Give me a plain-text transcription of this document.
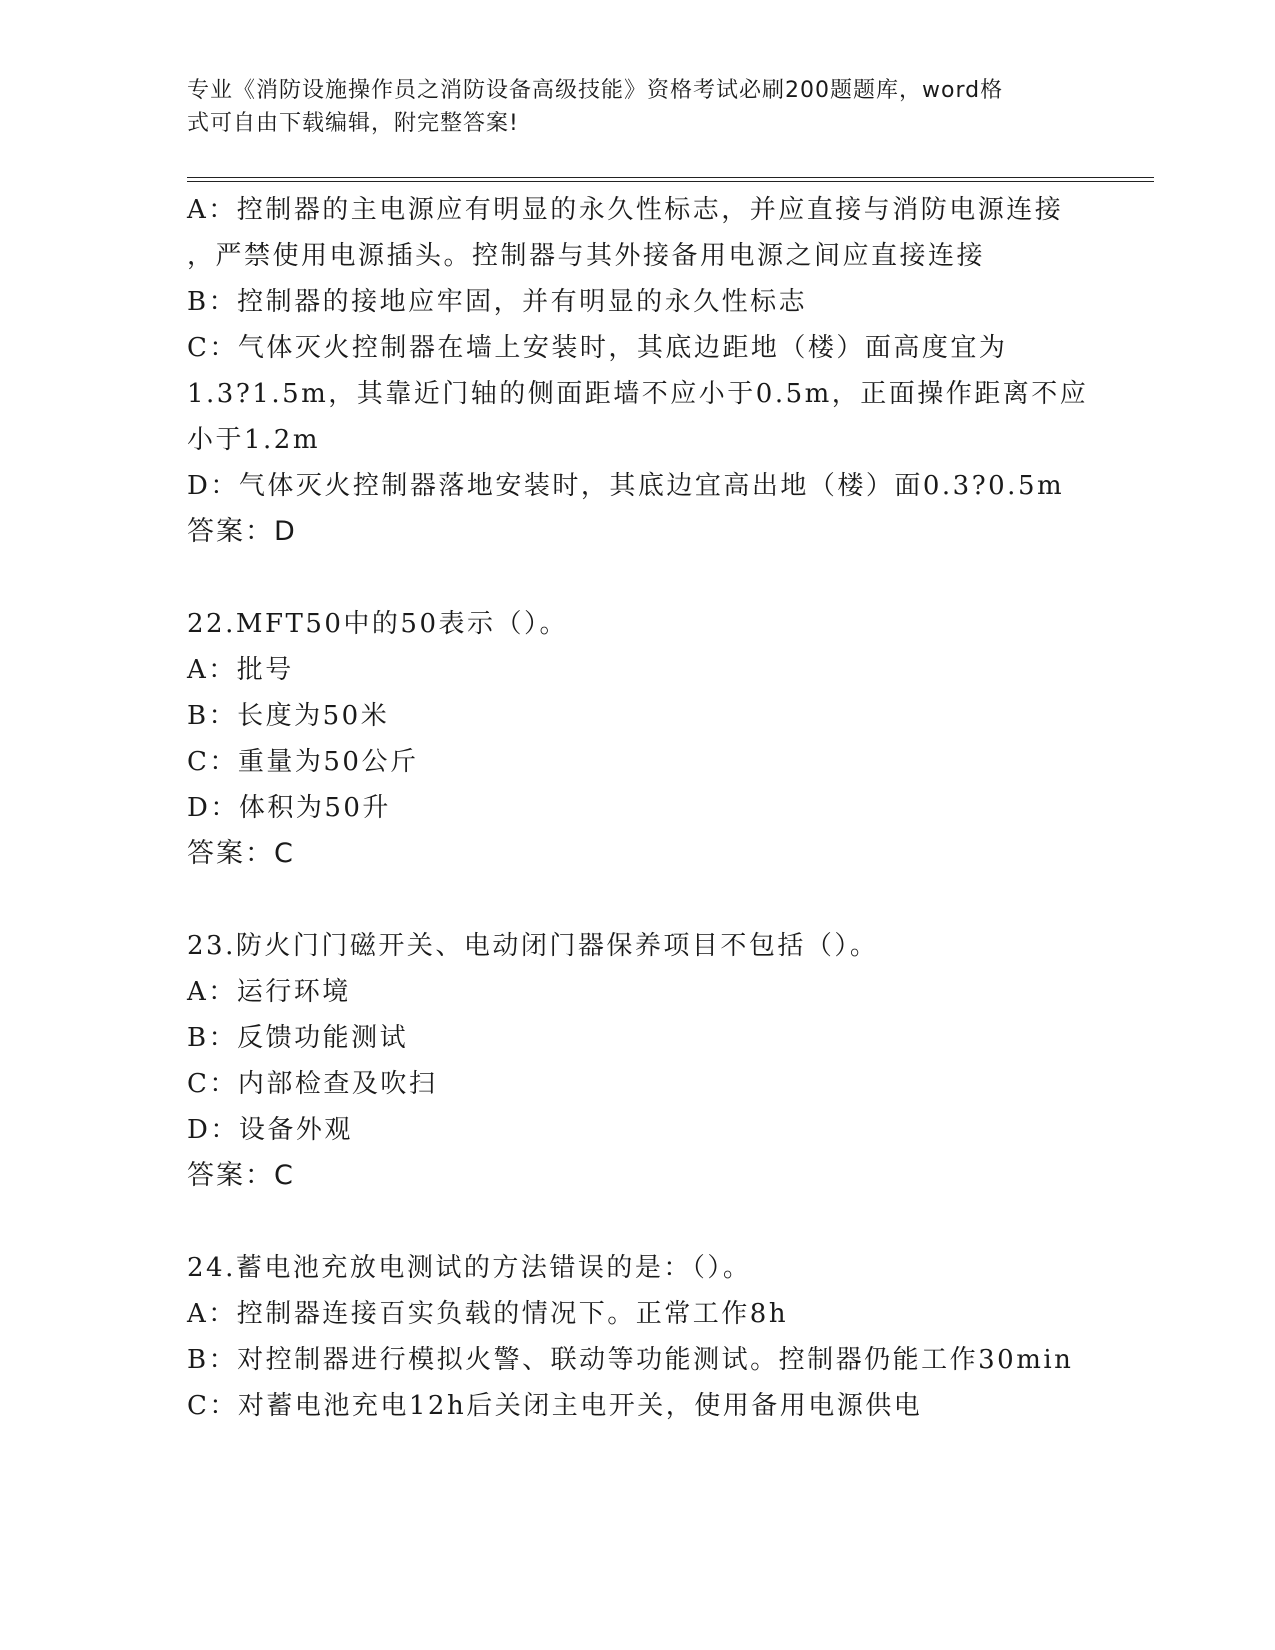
专业《消防设施操作员之消防设备高级技能》资格考试必刷200题题库，word格
式可自由下载编辑，附完整答案!
A：控制器的主电源应有明显的永久性标志，并应直接与消防电源连接
，严禁使用电源插头。控制器与其外接备用电源之间应直接连接
B：控制器的接地应牢固，并有明显的永久性标志
C：气体灭火控制器在墙上安装时，其底边距地（楼）面高度宜为
1.3?1.5m，其靠近门轴的侧面距墙不应小于0.5m，正面操作距离不应
小于1.2m
D：气体灭火控制器落地安装时，其底边宜高出地（楼）面0.3?0.5m
答案：D
22.MFT50中的50表示（）。
A：批号
B：长度为50米
C：重量为50公斤
D：体积为50升
答案：C
23.防火门门磁开关、电动闭门器保养项目不包括（）。
A：运行环境
B：反馈功能测试
C：内部检查及吹扫
D：设备外观
答案：C
24.蓄电池充放电测试的方法错误的是：（）。
A：控制器连接百实负载的情况下。正常工作8h
B：对控制器进行模拟火警、联动等功能测试。控制器仍能工作30min
C：对蓄电池充电12h后关闭主电开关，使用备用电源供电
